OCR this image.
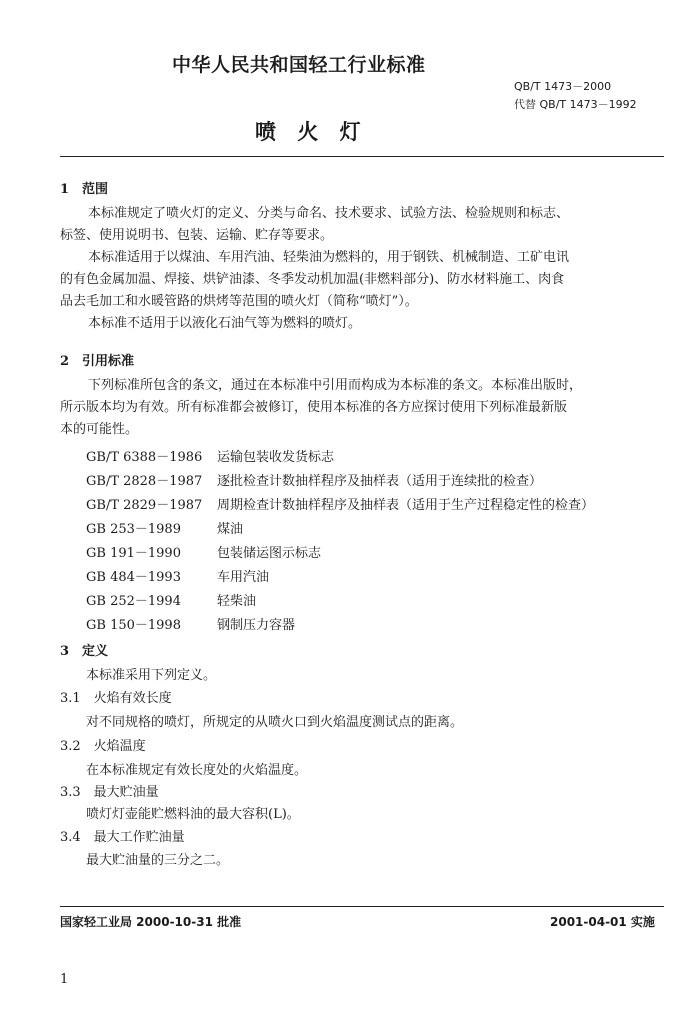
中华人民共和国轻工行业标准
QB/T 1473－2000
代替 QB/T 1473－1992
喷 火 灯
1　范围
本标准规定了喷火灯的定义、分类与命名、技术要求、试验方法、检验规则和标志、
标签、使用说明书、包装、运输、贮存等要求。
本标准适用于以煤油、车用汽油、轻柴油为燃料的，用于钢铁、机械制造、工矿电讯
的有色金属加温、焊接、烘铲油漆、冬季发动机加温(非燃料部分)、防水材料施工、肉食
品去毛加工和水暖管路的烘烤等范围的喷火灯（简称“喷灯”）。
本标准不适用于以液化石油气等为燃料的喷灯。
2　引用标准
下列标准所包含的条文，通过在本标准中引用而构成为本标准的条文。本标准出版时，
所示版本均为有效。所有标准都会被修订，使用本标准的各方应探讨使用下列标准最新版
本的可能性。
GB/T 6388－1986 运输包装收发货标志
GB/T 2828－1987 逐批检查计数抽样程序及抽样表（适用于连续批的检查）
GB/T 2829－1987 周期检查计数抽样程序及抽样表（适用于生产过程稳定性的检查）
GB 253－1989	煤油
GB 191－1990	包装储运图示标志
GB 484－1993	车用汽油
GB 252－1994	轻柴油
GB 150－1998	钢制压力容器
3　定义
本标准采用下列定义。
3.1　火焰有效长度
对不同规格的喷灯，所规定的从喷火口到火焰温度测试点的距离。
3.2　火焰温度
在本标准规定有效长度处的火焰温度。
3.3　最大贮油量
喷灯灯壶能贮燃料油的最大容积(L)。
3.4　最大工作贮油量
最大贮油量的三分之二。
国家轻工业局 2000-10-31 批准	2001-04-01 实施
1
